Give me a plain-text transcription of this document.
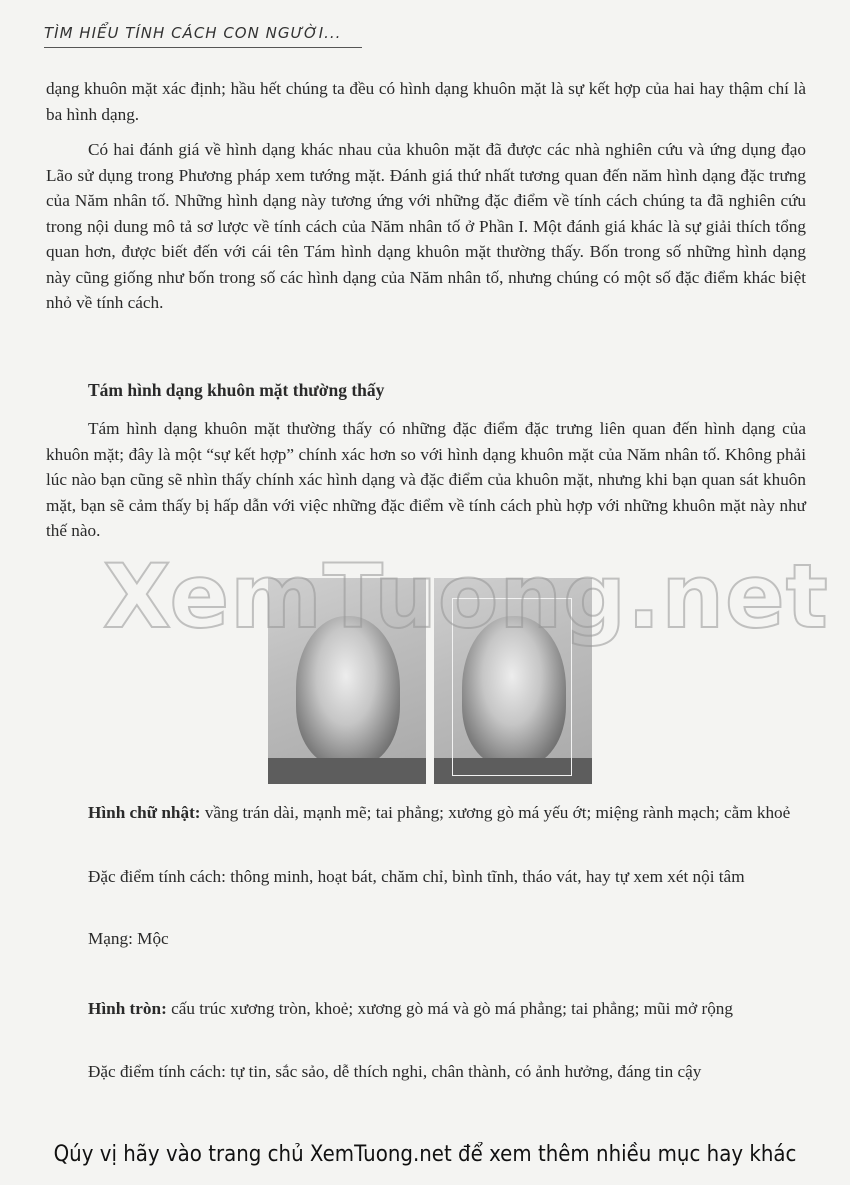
TÌM HIỂU TÍNH CÁCH CON NGƯỜI...

dạng khuôn mặt xác định; hầu hết chúng ta đều có hình dạng khuôn mặt là sự kết hợp của hai hay thậm chí là ba hình dạng.

Có hai đánh giá về hình dạng khác nhau của khuôn mặt đã được các nhà nghiên cứu và ứng dụng đạo Lão sử dụng trong Phương pháp xem tướng mặt. Đánh giá thứ nhất tương quan đến năm hình dạng đặc trưng của Năm nhân tố. Những hình dạng này tương ứng với những đặc điểm về tính cách chúng ta đã nghiên cứu trong nội dung mô tả sơ lược về tính cách của Năm nhân tố ở Phần I. Một đánh giá khác là sự giải thích tổng quan hơn, được biết đến với cái tên Tám hình dạng khuôn mặt thường thấy. Bốn trong số những hình dạng này cũng giống như bốn trong số các hình dạng của Năm nhân tố, nhưng chúng có một số đặc điểm khác biệt nhỏ về tính cách.

Tám hình dạng khuôn mặt thường thấy

Tám hình dạng khuôn mặt thường thấy có những đặc điểm đặc trưng liên quan đến hình dạng của khuôn mặt; đây là một “sự kết hợp” chính xác hơn so với hình dạng khuôn mặt của Năm nhân tố. Không phải lúc nào bạn cũng sẽ nhìn thấy chính xác hình dạng và đặc điểm của khuôn mặt, nhưng khi bạn quan sát khuôn mặt, bạn sẽ cảm thấy bị hấp dẫn với việc những đặc điểm về tính cách phù hợp với những khuôn mặt này như thế nào.

Hình chữ nhật: vầng trán dài, mạnh mẽ; tai phẳng; xương gò má yếu ớt; miệng rành mạch; cằm khoẻ

Đặc điểm tính cách: thông minh, hoạt bát, chăm chỉ, bình tĩnh, tháo vát, hay tự xem xét nội tâm

Mạng: Mộc

Hình tròn: cấu trúc xương tròn, khoẻ; xương gò má và gò má phẳng; tai phẳng; mũi mở rộng

Đặc điểm tính cách: tự tin, sắc sảo, dễ thích nghi, chân thành, có ảnh hưởng, đáng tin cậy

Qúy vị hãy vào trang chủ XemTuong.net để xem thêm nhiều mục hay khác
